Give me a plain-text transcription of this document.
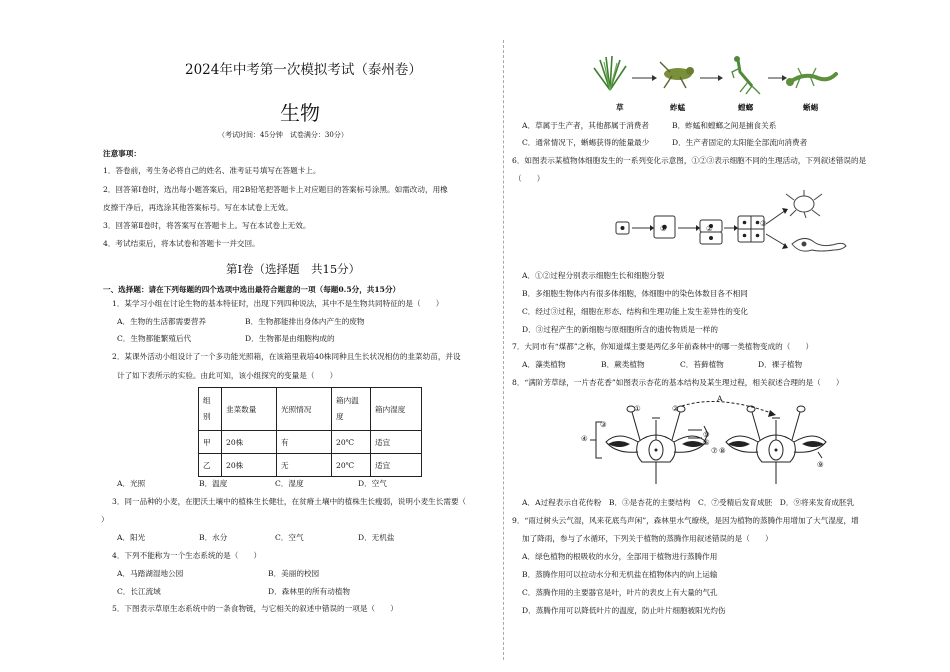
2024年中考第一次模拟考试（泰州卷）
生物
（考试时间：45分钟　试卷满分：30分）
注意事项：
1．答卷前，考生务必将自己的姓名、准考证号填写在答题卡上。
2．回答第Ⅰ卷时，选出每小题答案后，用2B铅笔把答题卡上对应题目的答案标号涂黑。如需改动，用橡
皮擦干净后，再选涂其他答案标号。写在本试卷上无效。
3．回答第Ⅱ卷时，将答案写在答题卡上。写在本试卷上无效。
4．考试结束后，将本试卷和答题卡一并交回。
第Ⅰ卷（选择题　共15分）
一、选择题：请在下列每题的四个选项中选出最符合题意的一项（每题0.5分，共15分）
1．某学习小组在讨论生物的基本特征时，出现下列四种说法，其中不是生物共同特征的是（　　）
A．生物的生活都需要营养	B．生物都能排出身体内产生的废物
C．生物都能繁殖后代	D．生物都是由细胞构成的
2．某课外活动小组设计了一个多功能光照箱，在该箱里栽培40株同种且生长状况相仿的韭菜幼苗，并设
计了如下表所示的实验。由此可知，该小组探究的变量是（　　）
组别	韭菜数量	光照情况	箱内温度	箱内湿度
甲	20株	有	20℃	适宜
乙	20株	无	20℃	适宜
A．光照	B．温度	C．湿度	D．空气
3．同一品种的小麦，在肥沃土壤中的植株生长健壮，在贫瘠土壤中的植株生长瘦弱，说明小麦生长需要（
）
A．阳光	B．水分	C．空气	D．无机盐
4．下列不能称为一个生态系统的是（　　）
A．马踏湖湿地公园	B．美丽的校园
C．长江流域	D．森林里的所有动植物
5．下图表示草原生态系统中的一条食物链，与它相关的叙述中错误的一项是（　　）
草	蚱蜢	螳螂	蜥蜴
A．草属于生产者，其他都属于消费者	B．蚱蜢和螳螂之间是捕食关系
C．通常情况下，蜥蜴获得的能量最少	D．生产者固定的太阳能全部流向消费者
6．如图表示某植物体细胞发生的一系列变化示意图，①②③表示细胞不同的生理活动，下列叙述错误的是
（　　）
①	②
③
A．①②过程分别表示细胞生长和细胞分裂
B．多细胞生物体内有很多体细胞，体细胞中的染色体数目各不相同
C．经过③过程，细胞在形态、结构和生理功能上发生差异性的变化
D．③过程产生的新细胞与原细胞所含的遗传物质是一样的
7．大同市有“煤都”之称，你知道煤主要是两亿多年前森林中的哪一类植物变成的（　　）
A．藻类植物	B．蕨类植物	C．苔藓植物	D．裸子植物
8．“满阶芳草绿，一片杏花香”如图表示杏花的基本结构及某生理过程，相关叙述合理的是（　　）
A
①	②
③
④	⑤
⑥
⑦ ⑧
⑨
A．A过程表示自花传粉　B．③是杏花的主要结构　C．⑦受精后发育成胚　D．⑨将来发育成胚乳
9．“雨过树头云气湿，风来花底鸟声闲”，森林里水气缭绕，是因为植物的蒸腾作用增加了大气湿度，增
加了降雨，参与了水循环，下列关于植物的蒸腾作用叙述错误的是（　　）
A．绿色植物的根吸收的水分，全部用于植物进行蒸腾作用
B．蒸腾作用可以拉动水分和无机盐在植物体内的向上运输
C．蒸腾作用的主要器官是叶，叶片的表皮上有大量的气孔
D．蒸腾作用可以降低叶片的温度，防止叶片细胞被阳光灼伤
